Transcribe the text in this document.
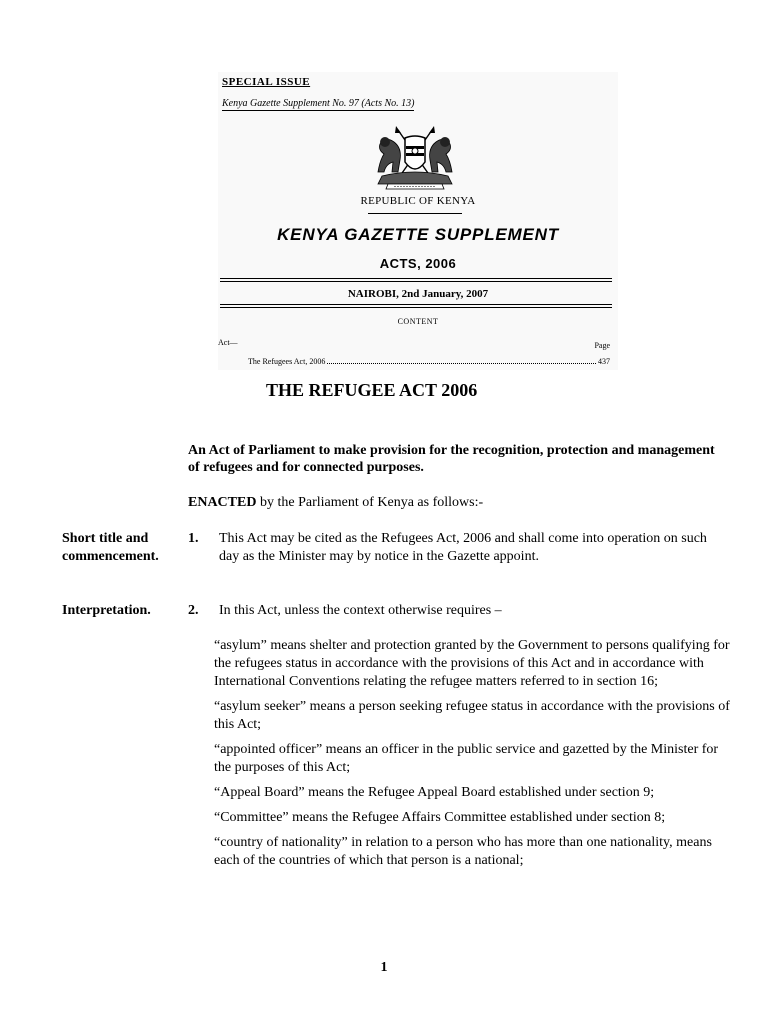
SPECIAL ISSUE
Kenya Gazette Supplement No. 97 (Acts No. 13)
REPUBLIC OF KENYA
KENYA GAZETTE SUPPLEMENT
ACTS, 2006
NAIROBI, 2nd January, 2007
CONTENT
Act—	Page
The Refugees Act, 2006	437
THE REFUGEE ACT 2006
An Act of Parliament to make provision for the recognition, protection and management of refugees and for connected purposes.
ENACTED by the Parliament of Kenya as follows:-
Short title and commencement.
1. This Act may be cited as the Refugees Act, 2006 and shall come into operation on such day as the Minister may by notice in the Gazette appoint.
Interpretation.	2. In this Act, unless the context otherwise requires –
“asylum” means shelter and protection granted by the Government to persons qualifying for the refugees status in accordance with the provisions of this Act and in accordance with International Conventions relating the refugee matters referred to in section 16;
“asylum seeker” means a person seeking refugee status in accordance with the provisions of this Act;
“appointed officer” means an officer in the public service and gazetted by the Minister for the purposes of this Act;
“Appeal Board” means the Refugee Appeal Board established under section 9;
“Committee” means the Refugee Affairs Committee established under section 8;
“country of nationality” in relation to a person who has more than one nationality, means each of the countries of which that person is a national;
1
